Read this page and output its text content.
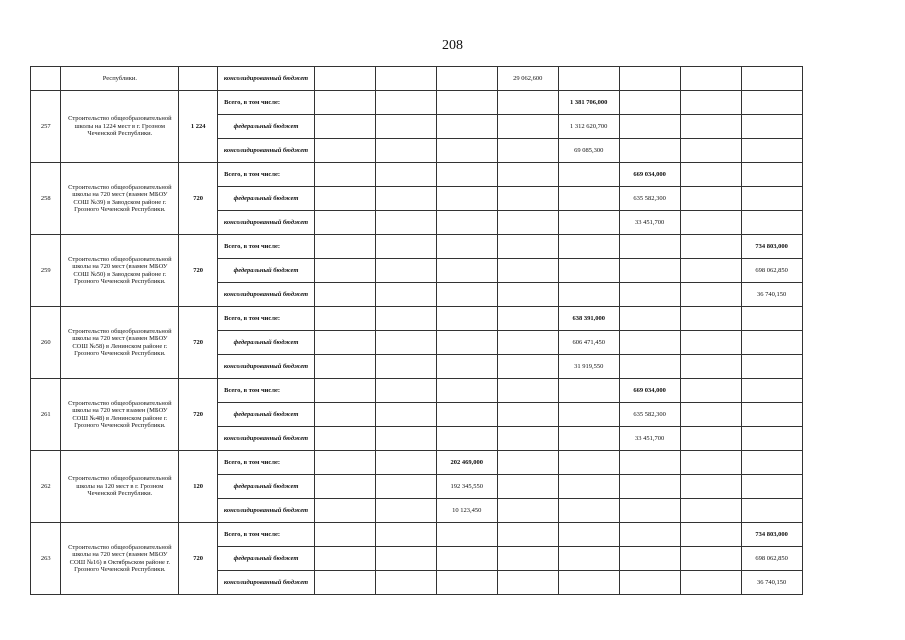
208
	Республики.		консолидированный бюджет				29 062,600				
257	Строительство общеобразовательной школы на 1224 мест в г. Грозном Чеченской Республики.	1 224	Всего, в том числе:					1 381 706,000			
			федеральный бюджет					1 312 620,700			
			консолидированный бюджет					69 085,300			
258	Строительство общеобразовательной школы на 720 мест (взамен МБОУ СОШ №39) в Заводском районе г. Грозного Чеченской Республики.	720	Всего, в том числе:						669 034,000		
			федеральный бюджет						635 582,300		
			консолидированный бюджет						33 451,700		
259	Строительство общеобразовательной школы на 720 мест (взамен МБОУ СОШ №50) в Заводском районе г. Грозного Чеченской Республики.	720	Всего, в том числе:								734 803,000
			федеральный бюджет								698 062,850
			консолидированный бюджет								36 740,150
260	Строительство общеобразовательной школы на 720 мест (взамен МБОУ СОШ №58) в Ленинском районе г. Грозного Чеченской Республики.	720	Всего, в том числе:					638 391,000			
			федеральный бюджет					606 471,450			
			консолидированный бюджет					31 919,550			
261	Строительство общеобразовательной школы на 720 мест взамен (МБОУ СОШ №48) в Ленинском районе г. Грозного Чеченской Республики.	720	Всего, в том числе:						669 034,000		
			федеральный бюджет						635 582,300		
			консолидированный бюджет						33 451,700		
262	Строительство общеобразовательной школы на 120 мест в г. Грозном Чеченской Республики.	120	Всего, в том числе:			202 469,000					
			федеральный бюджет			192 345,550					
			консолидированный бюджет			10 123,450					
263	Строительство общеобразовательной школы на 720 мест (взамен МБОУ СОШ №16) в Октябрьском районе г. Грозного Чеченской Республики.	720	Всего, в том числе:								734 803,000
			федеральный бюджет								698 062,850
			консолидированный бюджет								36 740,150
